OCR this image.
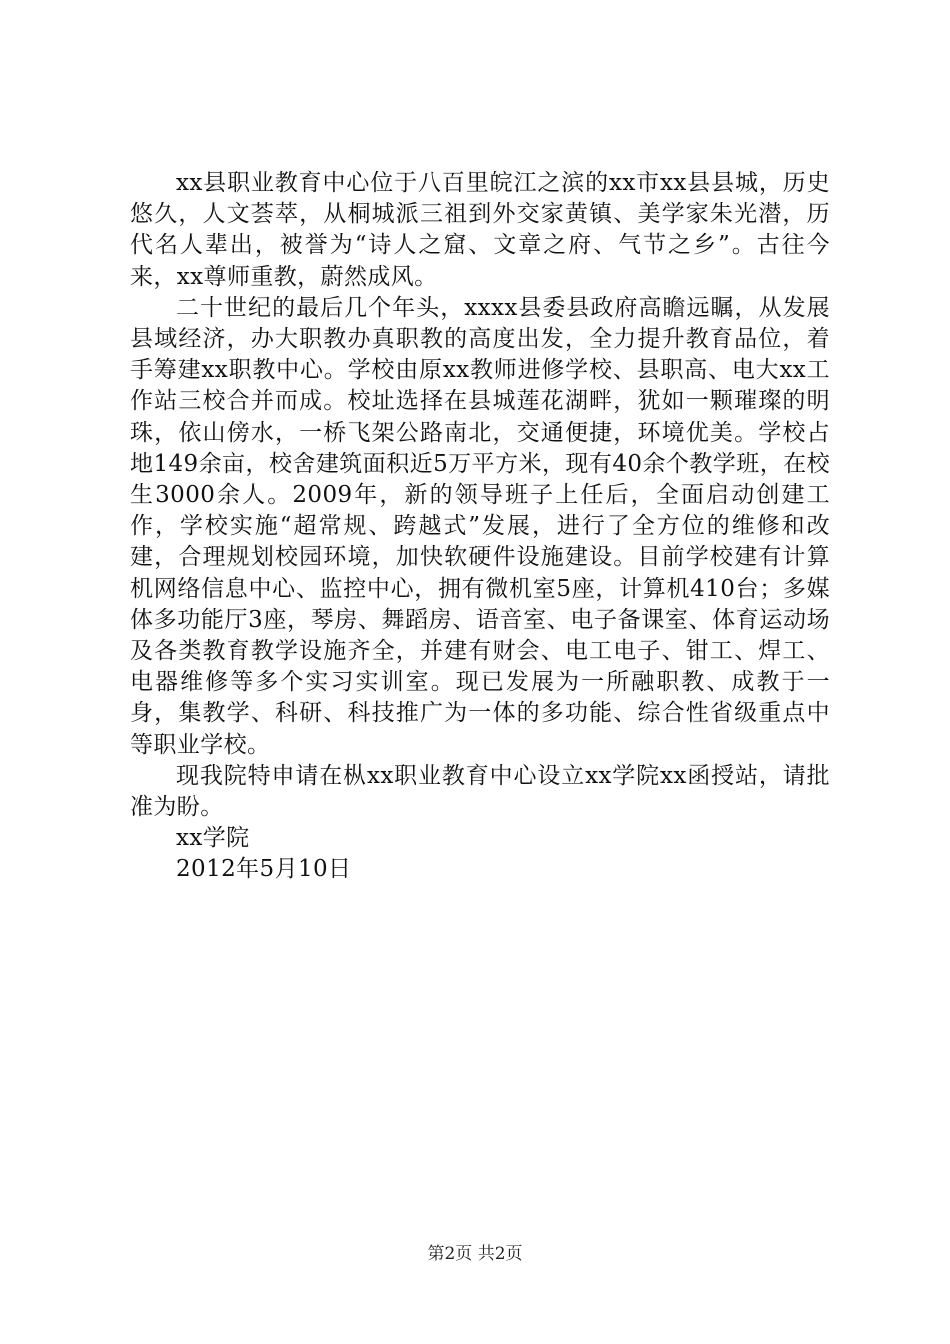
xx县职业教育中心位于八百里皖江之滨的xx市xx县县城，历史悠久，人文荟萃，从桐城派三祖到外交家黄镇、美学家朱光潜，历代名人辈出，被誉为“诗人之窟、文章之府、气节之乡”。古往今来，xx尊师重教，蔚然成风。

二十世纪的最后几个年头，xxxx县委县政府高瞻远瞩，从发展县域经济，办大职教办真职教的高度出发，全力提升教育品位，着手筹建xx职教中心。学校由原xx教师进修学校、县职高、电大xx工作站三校合并而成。校址选择在县城莲花湖畔，犹如一颗璀璨的明珠，依山傍水，一桥飞架公路南北，交通便捷，环境优美。学校占地149余亩，校舍建筑面积近5万平方米，现有40余个教学班，在校生3000余人。2009年，新的领导班子上任后，全面启动创建工作，学校实施“超常规、跨越式”发展，进行了全方位的维修和改建，合理规划校园环境，加快软硬件设施建设。目前学校建有计算机网络信息中心、监控中心，拥有微机室5座，计算机410台；多媒体多功能厅3座，琴房、舞蹈房、语音室、电子备课室、体育运动场及各类教育教学设施齐全，并建有财会、电工电子、钳工、焊工、电器维修等多个实习实训室。现已发展为一所融职教、成教于一身，集教学、科研、科技推广为一体的多功能、综合性省级重点中等职业学校。

现我院特申请在枞xx职业教育中心设立xx学院xx函授站，请批准为盼。

xx学院

2012年5月10日

第2页 共2页
